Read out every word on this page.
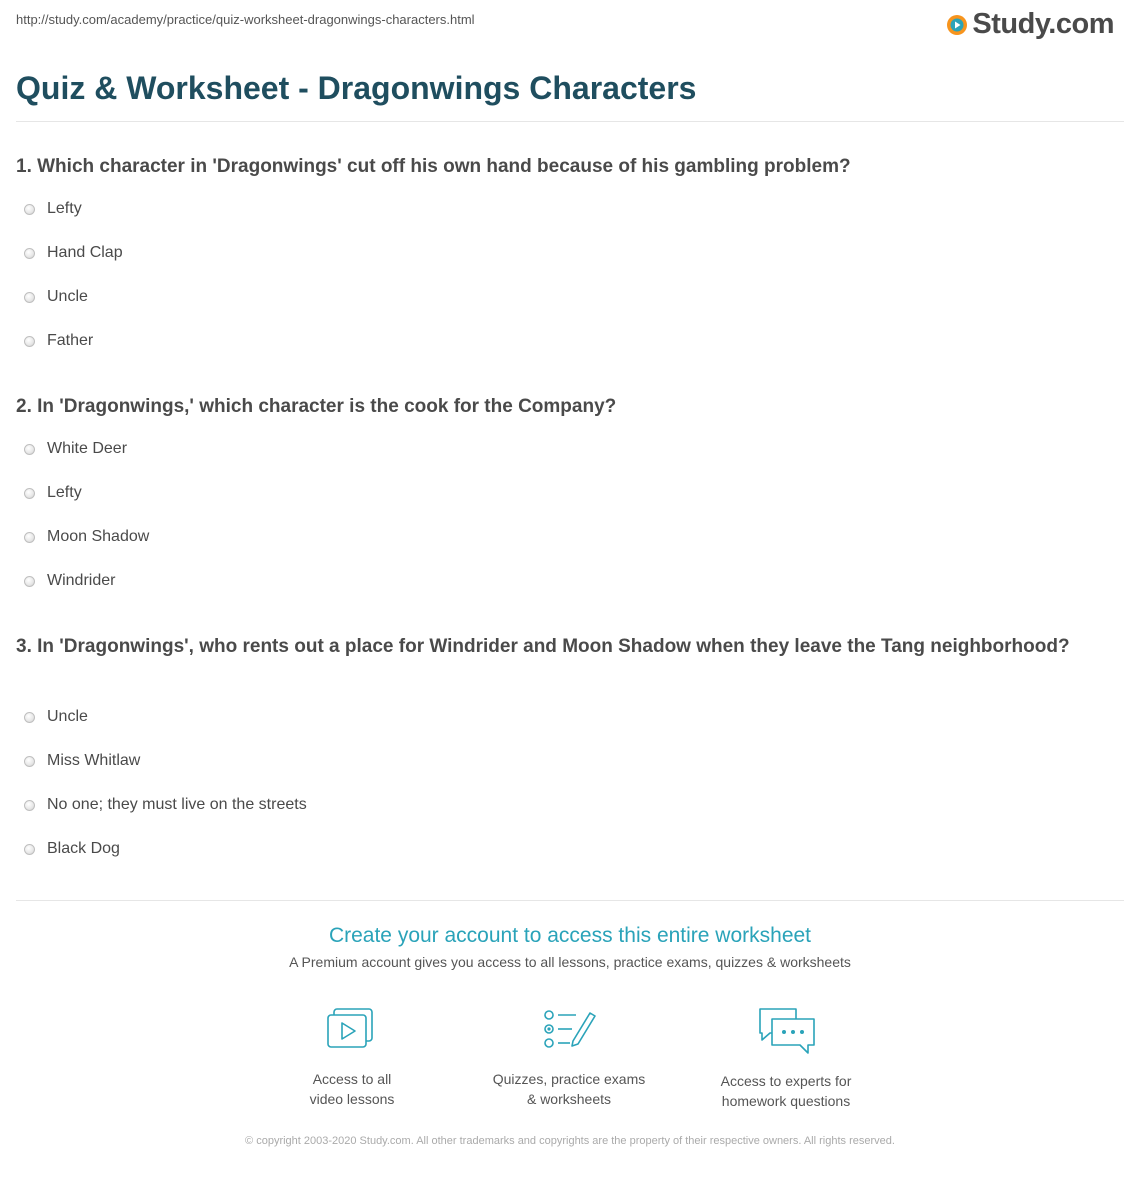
http://study.com/academy/practice/quiz-worksheet-dragonwings-characters.html	Study.com
Quiz & Worksheet - Dragonwings Characters

1. Which character in 'Dragonwings' cut off his own hand because of his gambling problem?

Lefty
Hand Clap
Uncle
Father

2. In 'Dragonwings,' which character is the cook for the Company?

White Deer
Lefty
Moon Shadow
Windrider

3. In 'Dragonwings', who rents out a place for Windrider and Moon Shadow when they leave the Tang neighborhood?

Uncle
Miss Whitlaw
No one; they must live on the streets
Black Dog
Create your account to access this entire worksheet
A Premium account gives you access to all lessons, practice exams, quizzes & worksheets
Access to all
video lessons
Quizzes, practice exams
& worksheets
Access to experts for
homework questions
© copyright 2003-2020 Study.com. All other trademarks and copyrights are the property of their respective owners. All rights reserved.
